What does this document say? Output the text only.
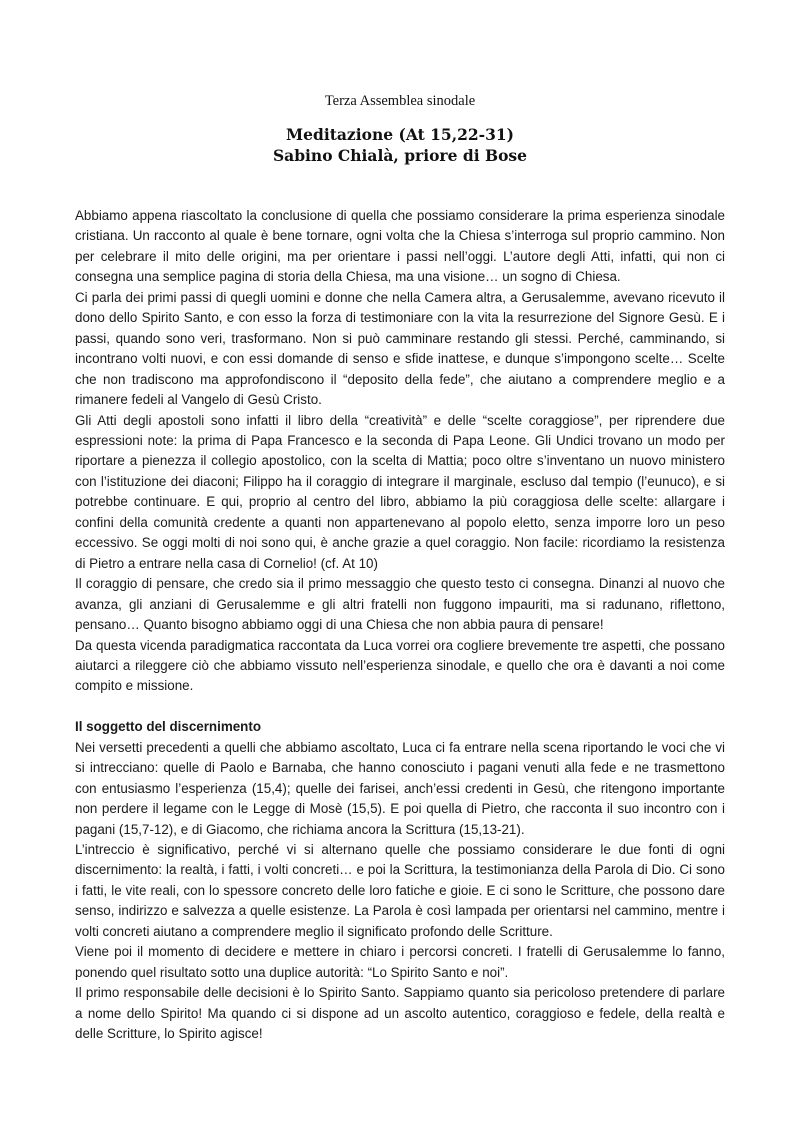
Terza Assemblea sinodale
Meditazione (At 15,22-31)
Sabino Chialà, priore di Bose

Abbiamo appena riascoltato la conclusione di quella che possiamo considerare la prima esperienza sinodale cristiana. Un racconto al quale è bene tornare, ogni volta che la Chiesa s’interroga sul proprio cammino. Non per celebrare il mito delle origini, ma per orientare i passi nell’oggi. L’autore degli Atti, infatti, qui non ci consegna una semplice pagina di storia della Chiesa, ma una visione… un sogno di Chiesa.

Ci parla dei primi passi di quegli uomini e donne che nella Camera altra, a Gerusalemme, avevano ricevuto il dono dello Spirito Santo, e con esso la forza di testimoniare con la vita la resurrezione del Signore Gesù. E i passi, quando sono veri, trasformano. Non si può camminare restando gli stessi. Perché, camminando, si incontrano volti nuovi, e con essi domande di senso e sfide inattese, e dunque s’impongono scelte… Scelte che non tradiscono ma approfondiscono il “deposito della fede”, che aiutano a comprendere meglio e a rimanere fedeli al Vangelo di Gesù Cristo.

Gli Atti degli apostoli sono infatti il libro della “creatività” e delle “scelte coraggiose”, per riprendere due espressioni note: la prima di Papa Francesco e la seconda di Papa Leone. Gli Undici trovano un modo per riportare a pienezza il collegio apostolico, con la scelta di Mattia; poco oltre s’inventano un nuovo ministero con l’istituzione dei diaconi; Filippo ha il coraggio di integrare il marginale, escluso dal tempio (l’eunuco), e si potrebbe continuare. E qui, proprio al centro del libro, abbiamo la più coraggiosa delle scelte: allargare i confini della comunità credente a quanti non appartenevano al popolo eletto, senza imporre loro un peso eccessivo. Se oggi molti di noi sono qui, è anche grazie a quel coraggio. Non facile: ricordiamo la resistenza di Pietro a entrare nella casa di Cornelio! (cf. At 10)

Il coraggio di pensare, che credo sia il primo messaggio che questo testo ci consegna. Dinanzi al nuovo che avanza, gli anziani di Gerusalemme e gli altri fratelli non fuggono impauriti, ma si radunano, riflettono, pensano… Quanto bisogno abbiamo oggi di una Chiesa che non abbia paura di pensare!

Da questa vicenda paradigmatica raccontata da Luca vorrei ora cogliere brevemente tre aspetti, che possano aiutarci a rileggere ciò che abbiamo vissuto nell’esperienza sinodale, e quello che ora è davanti a noi come compito e missione.

Il soggetto del discernimento

Nei versetti precedenti a quelli che abbiamo ascoltato, Luca ci fa entrare nella scena riportando le voci che vi si intrecciano: quelle di Paolo e Barnaba, che hanno conosciuto i pagani venuti alla fede e ne trasmettono con entusiasmo l’esperienza (15,4); quelle dei farisei, anch’essi credenti in Gesù, che ritengono importante non perdere il legame con le Legge di Mosè (15,5). E poi quella di Pietro, che racconta il suo incontro con i pagani (15,7-12), e di Giacomo, che richiama ancora la Scrittura (15,13-21).

L’intreccio è significativo, perché vi si alternano quelle che possiamo considerare le due fonti di ogni discernimento: la realtà, i fatti, i volti concreti… e poi la Scrittura, la testimonianza della Parola di Dio. Ci sono i fatti, le vite reali, con lo spessore concreto delle loro fatiche e gioie. E ci sono le Scritture, che possono dare senso, indirizzo e salvezza a quelle esistenze. La Parola è così lampada per orientarsi nel cammino, mentre i volti concreti aiutano a comprendere meglio il significato profondo delle Scritture.

Viene poi il momento di decidere e mettere in chiaro i percorsi concreti. I fratelli di Gerusalemme lo fanno, ponendo quel risultato sotto una duplice autorità: “Lo Spirito Santo e noi”.

Il primo responsabile delle decisioni è lo Spirito Santo. Sappiamo quanto sia pericoloso pretendere di parlare a nome dello Spirito! Ma quando ci si dispone ad un ascolto autentico, coraggioso e fedele, della realtà e delle Scritture, lo Spirito agisce!
